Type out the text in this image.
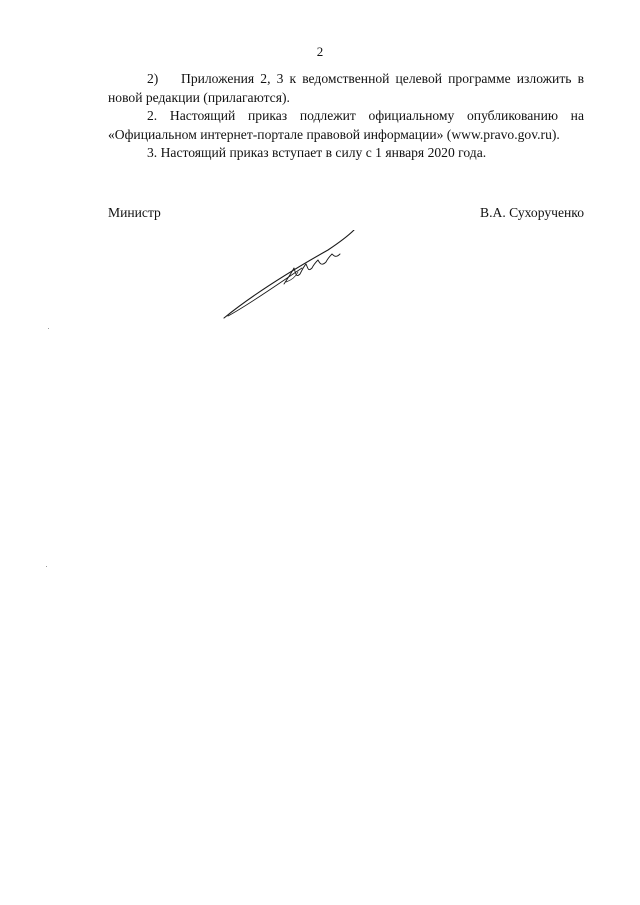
2

2) Приложения 2, 3 к ведомственной целевой программе изложить в новой редакции (прилагаются).

2. Настоящий приказ подлежит официальному опубликованию на «Официальном интернет-портале правовой информации» (www.pravo.gov.ru).

3. Настоящий приказ вступает в силу с 1 января 2020 года.

Министр	В.А. Сухорученко
